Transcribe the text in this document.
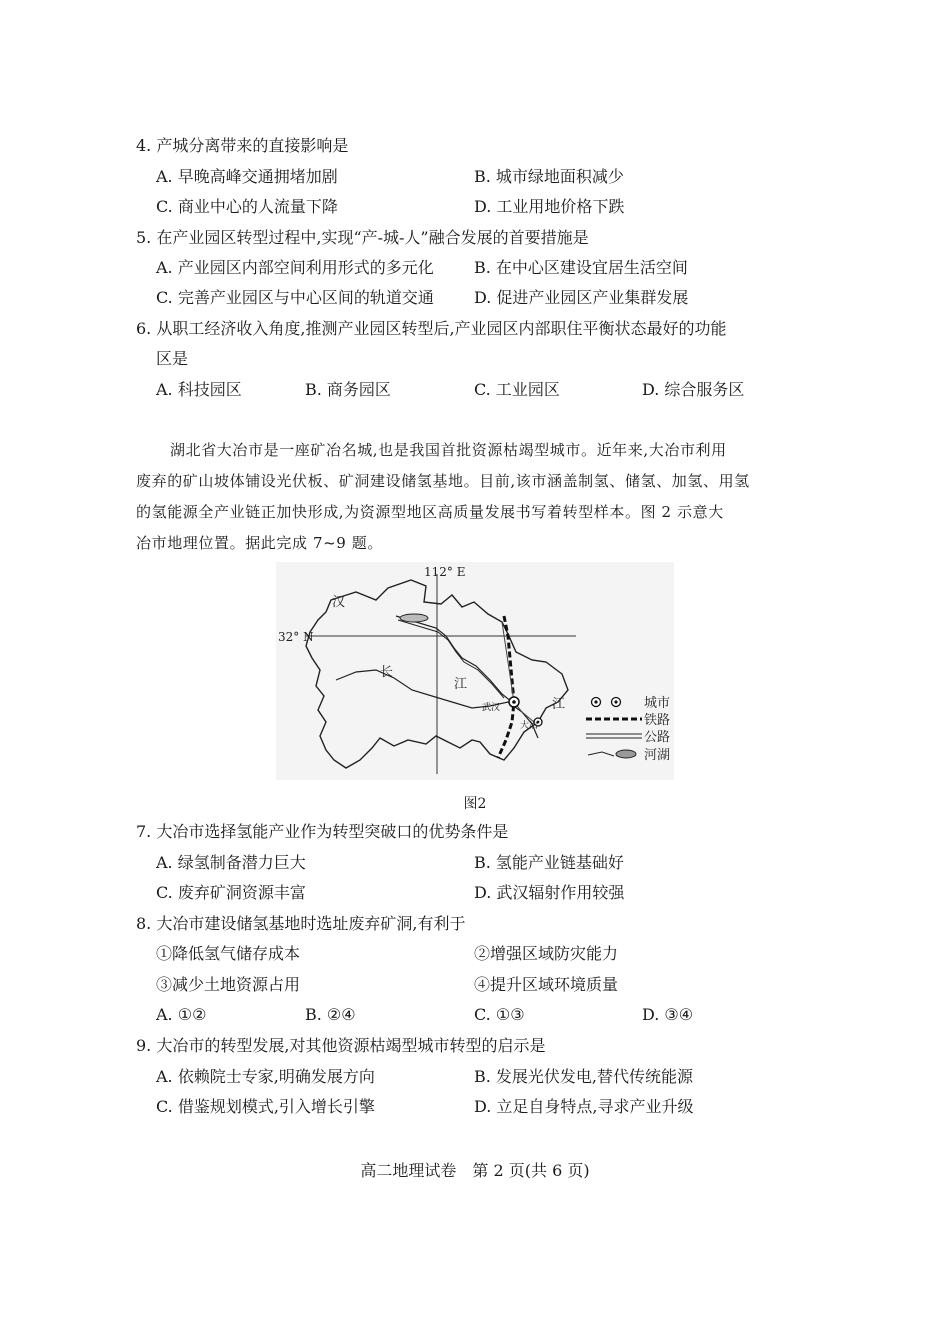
4. 产城分离带来的直接影响是
A. 早晚高峰交通拥堵加剧	B. 城市绿地面积减少
C. 商业中心的人流量下降	D. 工业用地价格下跌
5. 在产业园区转型过程中,实现“产-城-人”融合发展的首要措施是
A. 产业园区内部空间利用形式的多元化	B. 在中心区建设宜居生活空间
C. 完善产业园区与中心区间的轨道交通	D. 促进产业园区产业集群发展
6. 从职工经济收入角度,推测产业园区转型后,产业园区内部职住平衡状态最好的功能
区是
A. 科技园区	B. 商务园区	C. 工业园区	D. 综合服务区
湖北省大冶市是一座矿冶名城,也是我国首批资源枯竭型城市。近年来,大冶市利用
废弃的矿山坡体铺设光伏板、矿洞建设储氢基地。目前,该市涵盖制氢、储氢、加氢、用氢
的氢能源全产业链正加快形成,为资源型地区高质量发展书写着转型样本。图 2 示意大
冶市地理位置。据此完成 7~9 题。
112° E
32° N
汉
长
江
江
武汉
大冶
城市
铁路
公路
河湖
图2
7. 大冶市选择氢能产业作为转型突破口的优势条件是
A. 绿氢制备潜力巨大	B. 氢能产业链基础好
C. 废弃矿洞资源丰富	D. 武汉辐射作用较强
8. 大冶市建设储氢基地时选址废弃矿洞,有利于
①降低氢气储存成本	②增强区域防灾能力
③减少土地资源占用	④提升区域环境质量
A. ①②	B. ②④	C. ①③	D. ③④
9. 大冶市的转型发展,对其他资源枯竭型城市转型的启示是
A. 依赖院士专家,明确发展方向	B. 发展光伏发电,替代传统能源
C. 借鉴规划模式,引入增长引擎	D. 立足自身特点,寻求产业升级
高二地理试卷　第 2 页(共 6 页)
